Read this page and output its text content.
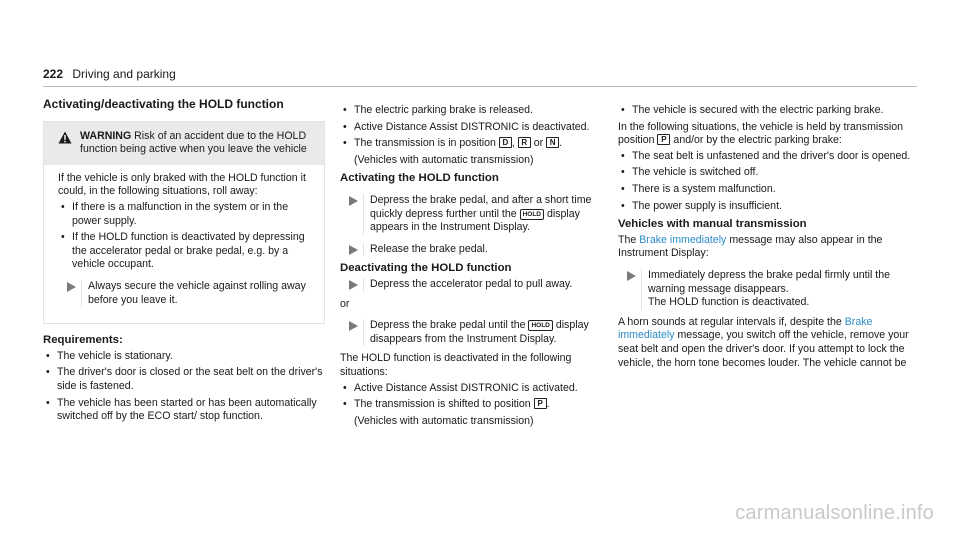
222 Driving and parking
Activating/deactivating the HOLD function
WARNING Risk of an accident due to the HOLD function being active when you leave the vehicle

If the vehicle is only braked with the HOLD function it could, in the following situations, roll away:

• If there is a malfunction in the system or in the power supply.
• If the HOLD function is deactivated by depressing the accelerator pedal or brake pedal, e.g. by a vehicle occupant.
Always secure the vehicle against rolling away before you leave it.
Requirements:
• The vehicle is stationary.
• The driver's door is closed or the seat belt on the driver's side is fastened.
• The vehicle has been started or has been automatically switched off by the ECO start/ stop function.
• The electric parking brake is released.
• Active Distance Assist DISTRONIC is deactivated.
• The transmission is in position D , R or N .

(Vehicles with automatic transmission)

Activating the HOLD function
Depress the brake pedal, and after a short time quickly depress further until the HOLD display appears in the Instrument Display.
Release the brake pedal.
Deactivating the HOLD function
Depress the accelerator pedal to pull away.

or

Depress the brake pedal until the HOLD display disappears from the Instrument Display.

The HOLD function is deactivated in the following situations:

• Active Distance Assist DISTRONIC is activated.
• The transmission is shifted to position P .

(Vehicles with automatic transmission)

• The vehicle is secured with the electric parking brake.

In the following situations, the vehicle is held by transmission position P and/or by the electric parking brake:

• The seat belt is unfastened and the driver's door is opened.
• The vehicle is switched off.
• There is a system malfunction.
• The power supply is insufficient.
Vehicles with manual transmission

The Brake immediately message may also appear in the Instrument Display:

Immediately depress the brake pedal firmly until the warning message disappears.
The HOLD function is deactivated.

A horn sounds at regular intervals if, despite the Brake immediately message, you switch off the vehicle, remove your seat belt and open the driver's door. If you attempt to lock the vehicle, the horn tone becomes louder. The vehicle cannot be

carmanualsonline.info
